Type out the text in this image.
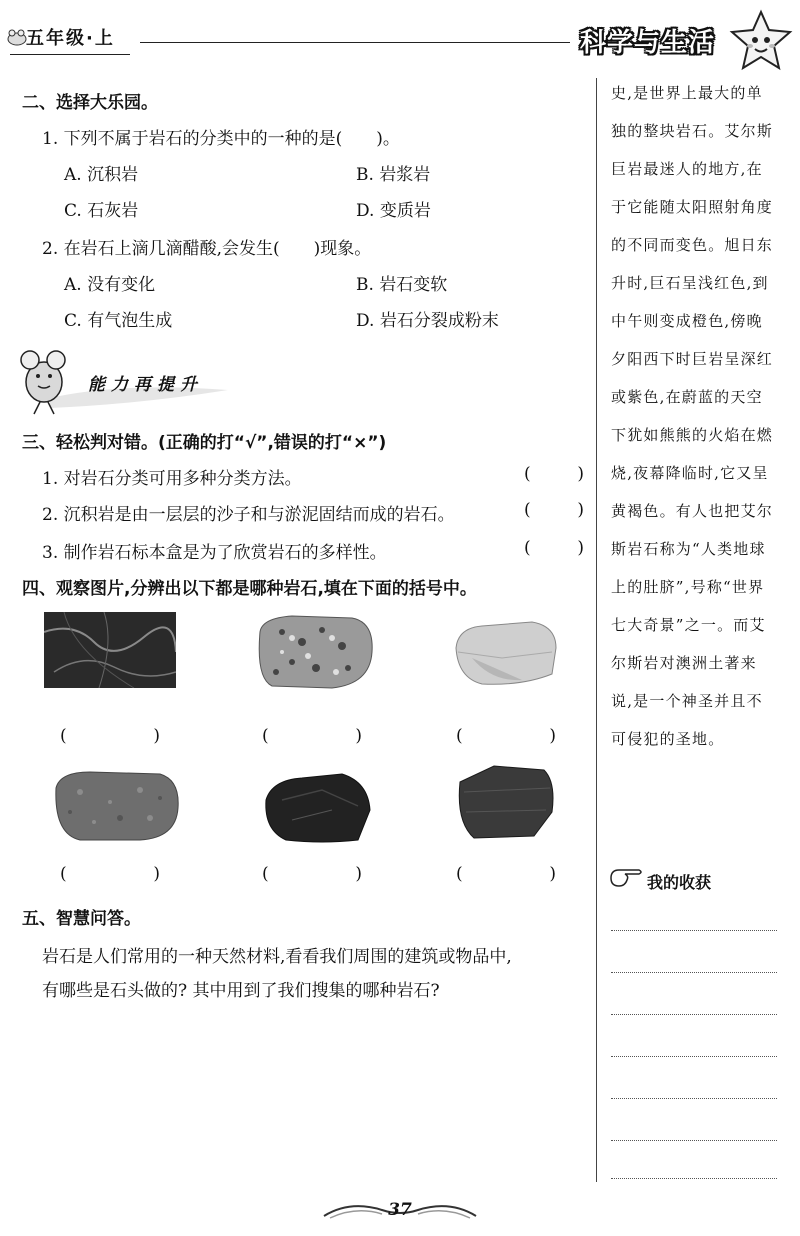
五年级·上	科学与生活
二、选择大乐园。
1. 下列不属于岩石的分类中的一种的是(　　)。
A. 沉积岩	B. 岩浆岩
C. 石灰岩	D. 变质岩
2. 在岩石上滴几滴醋酸,会发生(　　)现象。
A. 没有变化	B. 岩石变软
C. 有气泡生成	D. 岩石分裂成粉末
能力再提升
三、轻松判对错。(正确的打“√”,错误的打“×”)
1. 对岩石分类可用多种分类方法。	(	)
2. 沉积岩是由一层层的沙子和与淤泥固结而成的岩石。	(	)
3. 制作岩石标本盒是为了欣赏岩石的多样性。	(	)
四、观察图片,分辨出以下都是哪种岩石,填在下面的括号中。
(	)	(	)	(	)
(	)	(	)	(	)
五、智慧问答。
岩石是人们常用的一种天然材料,看看我们周围的建筑或物品中,
有哪些是石头做的? 其中用到了我们搜集的哪种岩石?
史,是世界上最大的单
独的整块岩石。艾尔斯
巨岩最迷人的地方,在
于它能随太阳照射角度
的不同而变色。旭日东
升时,巨石呈浅红色,到
中午则变成橙色,傍晚
夕阳西下时巨岩呈深红
或紫色,在蔚蓝的天空
下犹如熊熊的火焰在燃
烧,夜幕降临时,它又呈
黄褐色。有人也把艾尔
斯岩石称为“人类地球
上的肚脐”,号称“世界
七大奇景”之一。而艾
尔斯岩对澳洲土著来
说,是一个神圣并且不
可侵犯的圣地。
我的收获
37
